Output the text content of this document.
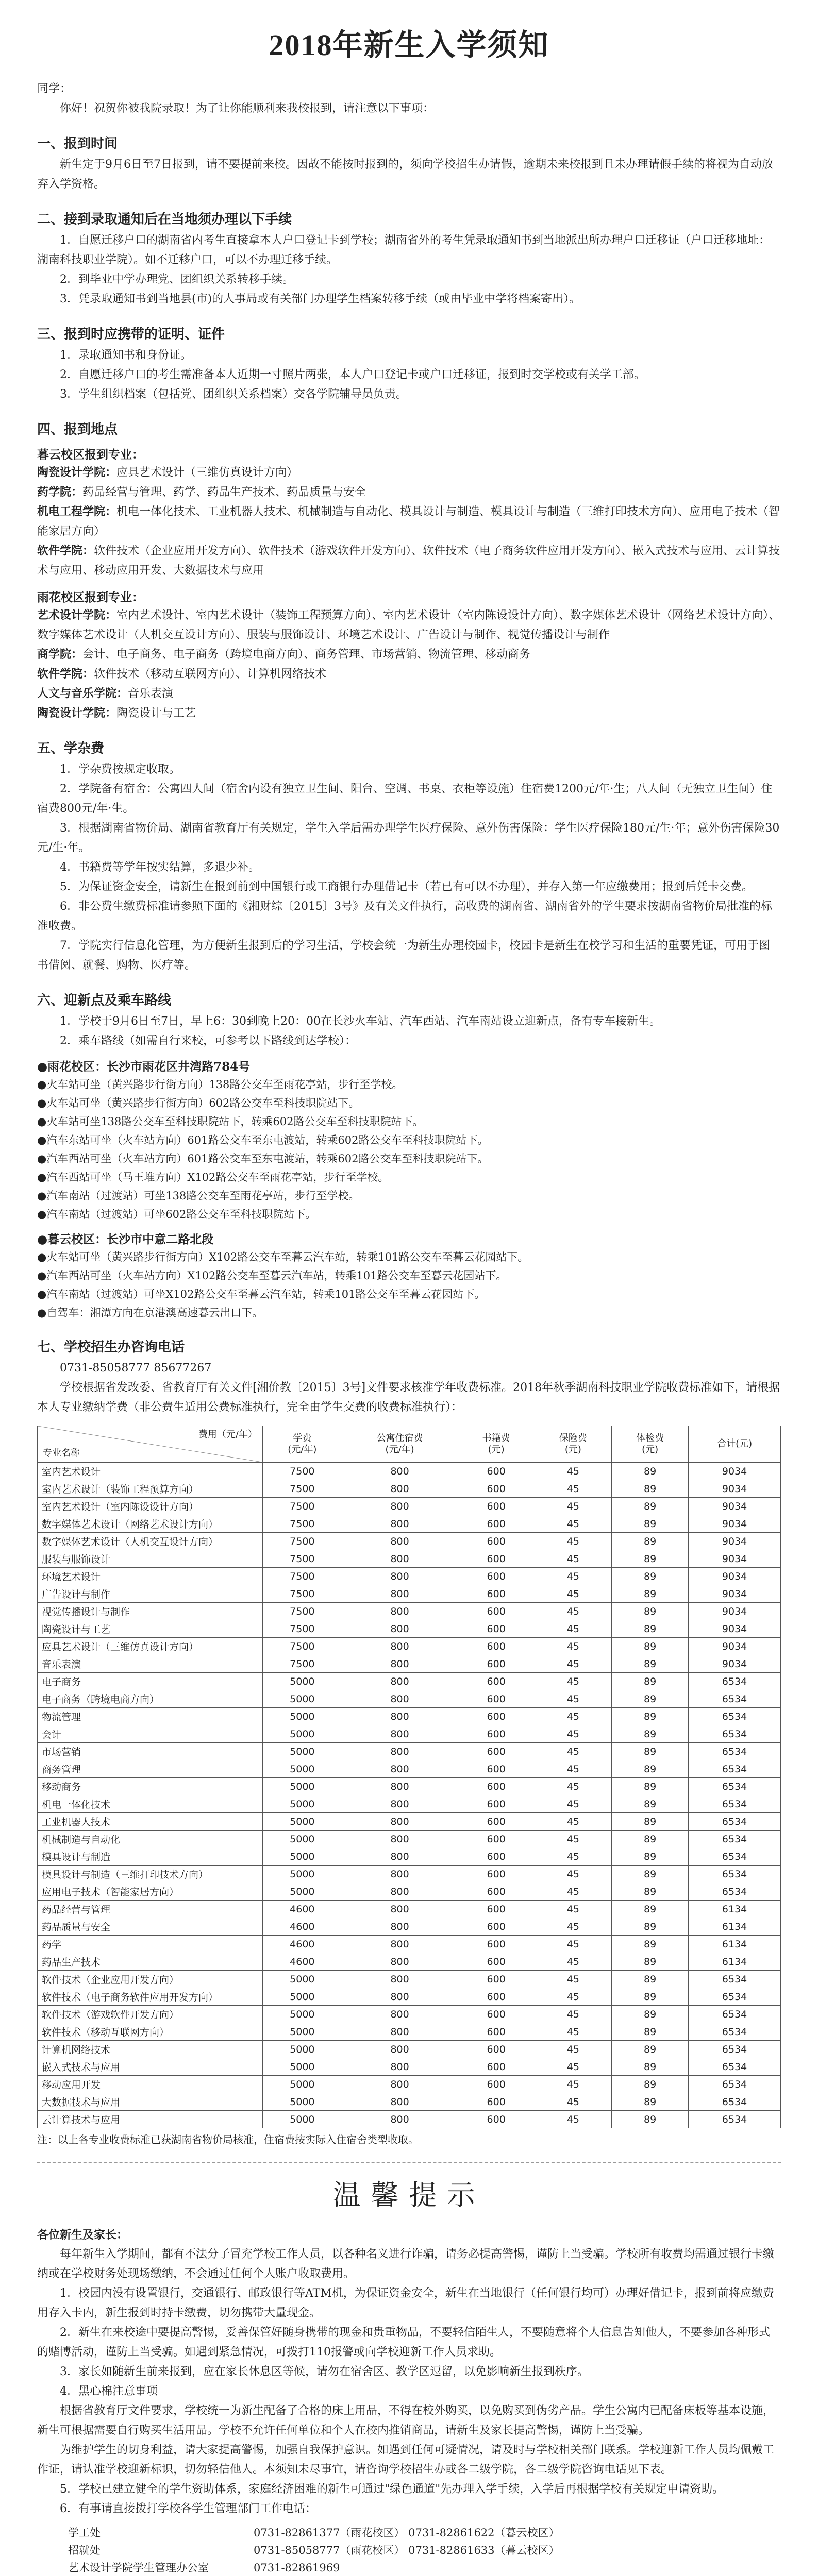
2018年新生入学须知

同学：

你好！祝贺你被我院录取！为了让你能顺利来我校报到，请注意以下事项：

一、报到时间

新生定于9月6日至7日报到，请不要提前来校。因故不能按时报到的，须向学校招生办请假，逾期未来校报到且未办理请假手续的将视为自动放弃入学资格。

二、接到录取通知后在当地须办理以下手续

1．自愿迁移户口的湖南省内考生直接拿本人户口登记卡到学校；湖南省外的考生凭录取通知书到当地派出所办理户口迁移证（户口迁移地址：湖南科技职业学院）。如不迁移户口，可以不办理迁移手续。

2．到毕业中学办理党、团组织关系转移手续。

3．凭录取通知书到当地县(市)的人事局或有关部门办理学生档案转移手续（或由毕业中学将档案寄出）。

三、报到时应携带的证明、证件

1．录取通知书和身份证。

2．自愿迁移户口的考生需准备本人近期一寸照片两张，本人户口登记卡或户口迁移证，报到时交学校或有关学工部。

3．学生组织档案（包括党、团组织关系档案）交各学院辅导员负责。

四、报到地点
暮云校区报到专业：

陶瓷设计学院：应具艺术设计（三维仿真设计方向）

药学院：药品经营与管理、药学、药品生产技术、药品质量与安全

机电工程学院：机电一体化技术、工业机器人技术、机械制造与自动化、模具设计与制造、模具设计与制造（三维打印技术方向）、应用电子技术（智能家居方向）

软件学院：软件技术（企业应用开发方向）、软件技术（游戏软件开发方向）、软件技术（电子商务软件应用开发方向）、嵌入式技术与应用、云计算技术与应用、移动应用开发、大数据技术与应用

雨花校区报到专业：

艺术设计学院：室内艺术设计、室内艺术设计（装饰工程预算方向）、室内艺术设计（室内陈设设计方向）、数字媒体艺术设计（网络艺术设计方向）、数字媒体艺术设计（人机交互设计方向）、服装与服饰设计、环境艺术设计、广告设计与制作、视觉传播设计与制作

商学院：会计、电子商务、电子商务（跨境电商方向）、商务管理、市场营销、物流管理、移动商务

软件学院：软件技术（移动互联网方向）、计算机网络技术

人文与音乐学院：音乐表演

陶瓷设计学院：陶瓷设计与工艺

五、学杂费

1．学杂费按规定收取。

2．学院备有宿舍：公寓四人间（宿舍内设有独立卫生间、阳台、空调、书桌、衣柜等设施）住宿费1200元/年·生；八人间（无独立卫生间）住宿费800元/年·生。

3．根据湖南省物价局、湖南省教育厅有关规定，学生入学后需办理学生医疗保险、意外伤害保险：学生医疗保险180元/生·年；意外伤害保险30元/生·年。

4．书籍费等学年按实结算，多退少补。

5．为保证资金安全，请新生在报到前到中国银行或工商银行办理借记卡（若已有可以不办理），并存入第一年应缴费用；报到后凭卡交费。

6．非公费生缴费标准请参照下面的《湘财综〔2015〕3号》及有关文件执行，高收费的湖南省、湖南省外的学生要求按湖南省物价局批准的标准收费。

7．学院实行信息化管理，为方便新生报到后的学习生活，学校会统一为新生办理校园卡，校园卡是新生在校学习和生活的重要凭证，可用于图书借阅、就餐、购物、医疗等。

六、迎新点及乘车路线

1．学校于9月6日至7日，早上6：30到晚上20：00在长沙火车站、汽车西站、汽车南站设立迎新点，备有专车接新生。

2．乘车路线（如需自行来校，可参考以下路线到达学校）：

●雨花校区：长沙市雨花区井湾路784号

●火车站可坐（黄兴路步行街方向）138路公交车至雨花亭站，步行至学校。

●火车站可坐（黄兴路步行街方向）602路公交车至科技职院站下。

●火车站可坐138路公交车至科技职院站下，转乘602路公交车至科技职院站下。

●汽车东站可坐（火车站方向）601路公交车至东屯渡站，转乘602路公交车至科技职院站下。

●汽车西站可坐（火车站方向）601路公交车至东屯渡站，转乘602路公交车至科技职院站下。

●汽车西站可坐（马王堆方向）X102路公交车至雨花亭站，步行至学校。

●汽车南站（过渡站）可坐138路公交车至雨花亭站，步行至学校。

●汽车南站（过渡站）可坐602路公交车至科技职院站下。

●暮云校区：长沙市中意二路北段

●火车站可坐（黄兴路步行街方向）X102路公交车至暮云汽车站，转乘101路公交车至暮云花园站下。

●汽车西站可坐（火车站方向）X102路公交车至暮云汽车站，转乘101路公交车至暮云花园站下。

●汽车南站（过渡站）可坐X102路公交车至暮云汽车站，转乘101路公交车至暮云花园站下。

●自驾车：湘潭方向在京港澳高速暮云出口下。

七、学校招生办咨询电话

0731-85058777 85677267

学校根据省发改委、省教育厅有关文件[湘价教〔2015〕3号]文件要求核准学年收费标准。2018年秋季湖南科技职业学院收费标准如下，请根据本人专业缴纳学费（非公费生适用公费标准执行，完全由学生交费的收费标准执行）：

费用（元/年）
专业名称	学费
(元/年)	公寓住宿费
(元/年)	书籍费
(元)	保险费
(元)	体检费
(元)	合计(元)
室内艺术设计	7500	800	600	45	89	9034
室内艺术设计（装饰工程预算方向）	7500	800	600	45	89	9034
室内艺术设计（室内陈设设计方向）	7500	800	600	45	89	9034
数字媒体艺术设计（网络艺术设计方向）	7500	800	600	45	89	9034
数字媒体艺术设计（人机交互设计方向）	7500	800	600	45	89	9034
服装与服饰设计	7500	800	600	45	89	9034
环境艺术设计	7500	800	600	45	89	9034
广告设计与制作	7500	800	600	45	89	9034
视觉传播设计与制作	7500	800	600	45	89	9034
陶瓷设计与工艺	7500	800	600	45	89	9034
应具艺术设计（三维仿真设计方向）	7500	800	600	45	89	9034
音乐表演	7500	800	600	45	89	9034
电子商务	5000	800	600	45	89	6534
电子商务（跨境电商方向）	5000	800	600	45	89	6534
物流管理	5000	800	600	45	89	6534
会计	5000	800	600	45	89	6534
市场营销	5000	800	600	45	89	6534
商务管理	5000	800	600	45	89	6534
移动商务	5000	800	600	45	89	6534
机电一体化技术	5000	800	600	45	89	6534
工业机器人技术	5000	800	600	45	89	6534
机械制造与自动化	5000	800	600	45	89	6534
模具设计与制造	5000	800	600	45	89	6534
模具设计与制造（三维打印技术方向）	5000	800	600	45	89	6534
应用电子技术（智能家居方向）	5000	800	600	45	89	6534
药品经营与管理	4600	800	600	45	89	6134
药品质量与安全	4600	800	600	45	89	6134
药学	4600	800	600	45	89	6134
药品生产技术	4600	800	600	45	89	6134
软件技术（企业应用开发方向）	5000	800	600	45	89	6534
软件技术（电子商务软件应用开发方向）	5000	800	600	45	89	6534
软件技术（游戏软件开发方向）	5000	800	600	45	89	6534
软件技术（移动互联网方向）	5000	800	600	45	89	6534
计算机网络技术	5000	800	600	45	89	6534
嵌入式技术与应用	5000	800	600	45	89	6534
移动应用开发	5000	800	600	45	89	6534
大数据技术与应用	5000	800	600	45	89	6534
云计算技术与应用	5000	800	600	45	89	6534

注：以上各专业收费标准已获湖南省物价局核准，住宿费按实际入住宿舍类型收取。

温馨提示

各位新生及家长：

每年新生入学期间，都有不法分子冒充学校工作人员，以各种名义进行诈骗，请务必提高警惕，谨防上当受骗。学校所有收费均需通过银行卡缴纳或在学校财务处现场缴纳，不会通过任何个人账户收取费用。

1．校园内没有设置银行，交通银行、邮政银行等ATM机，为保证资金安全，新生在当地银行（任何银行均可）办理好借记卡，报到前将应缴费用存入卡内，新生报到时持卡缴费，切勿携带大量现金。

2．新生在来校途中要提高警惕，妥善保管好随身携带的现金和贵重物品，不要轻信陌生人，不要随意将个人信息告知他人，不要参加各种形式的赌博活动，谨防上当受骗。如遇到紧急情况，可拨打110报警或向学校迎新工作人员求助。

3．家长如随新生前来报到，应在家长休息区等候，请勿在宿舍区、教学区逗留，以免影响新生报到秩序。

4．黑心棉注意事项

根据省教育厅文件要求，学校统一为新生配备了合格的床上用品，不得在校外购买，以免购买到伪劣产品。学生公寓内已配备床板等基本设施，新生可根据需要自行购买生活用品。学校不允许任何单位和个人在校内推销商品，请新生及家长提高警惕，谨防上当受骗。

为维护学生的切身利益，请大家提高警惕，加强自我保护意识。如遇到任何可疑情况，请及时与学校相关部门联系。学校迎新工作人员均佩戴工作证，请认准学校迎新标识，切勿轻信他人。本须知未尽事宜，请咨询学校招生办或各二级学院，各二级学院咨询电话见下表。

5．学校已建立健全的学生资助体系，家庭经济困难的新生可通过"绿色通道"先办理入学手续，入学后再根据学校有关规定申请资助。

6．有事请直接拨打学校各学生管理部门工作电话：

学工处	0731-82861377（雨花校区） 0731-82861622（暮云校区）
招就处	0731-85058777（雨花校区） 0731-82861633（暮云校区）
艺术设计学院学生管理办公室	0731-82861969
